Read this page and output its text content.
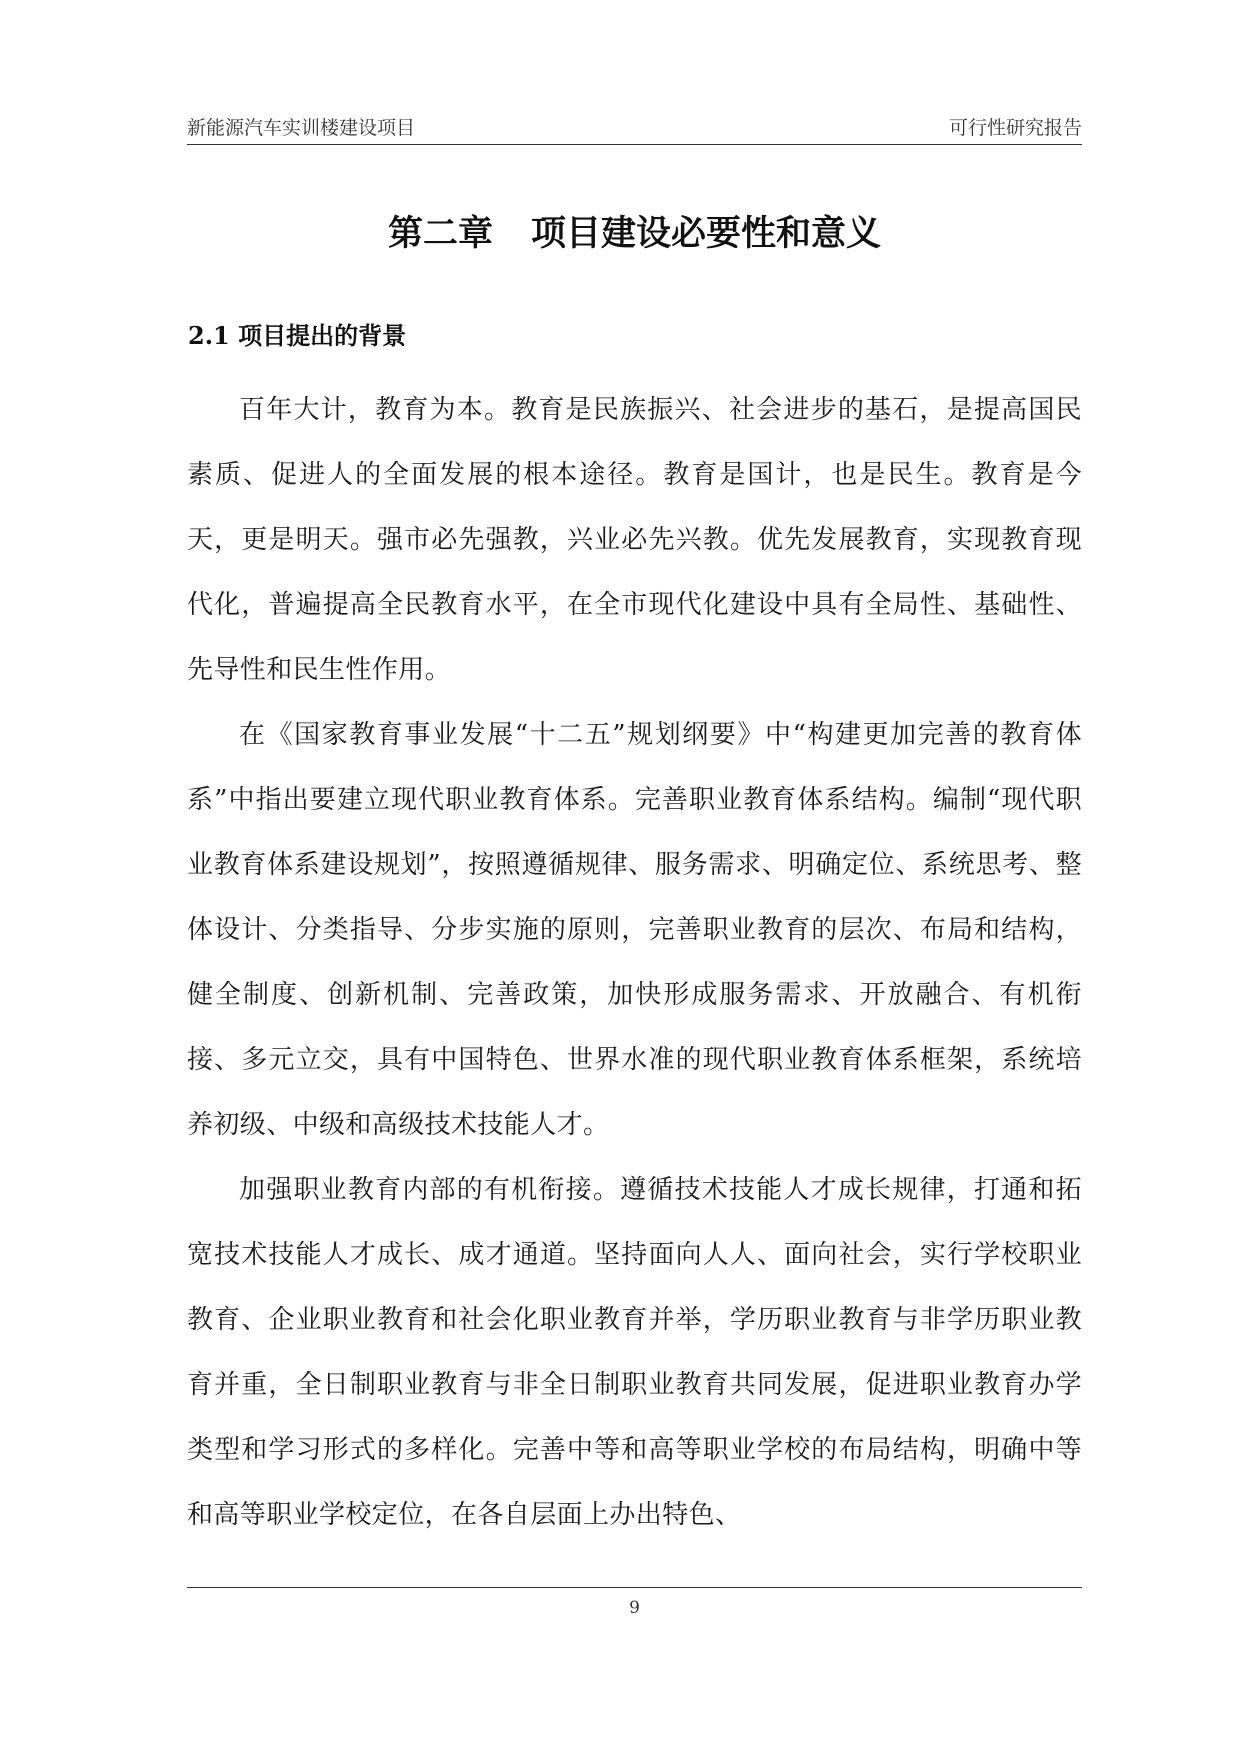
新能源汽车实训楼建设项目	可行性研究报告
第二章 项目建设必要性和意义
2.1 项目提出的背景

百年大计，教育为本。教育是民族振兴、社会进步的基石，是提高国民素质、促进人的全面发展的根本途径。教育是国计，也是民生。教育是今天，更是明天。强市必先强教，兴业必先兴教。优先发展教育，实现教育现代化，普遍提高全民教育水平，在全市现代化建设中具有全局性、基础性、先导性和民生性作用。

在《国家教育事业发展“十二五”规划纲要》中“构建更加完善的教育体系”中指出要建立现代职业教育体系。完善职业教育体系结构。编制“现代职业教育体系建设规划”，按照遵循规律、服务需求、明确定位、系统思考、整体设计、分类指导、分步实施的原则，完善职业教育的层次、布局和结构，健全制度、创新机制、完善政策，加快形成服务需求、开放融合、有机衔接、多元立交，具有中国特色、世界水准的现代职业教育体系框架，系统培养初级、中级和高级技术技能人才。

加强职业教育内部的有机衔接。遵循技术技能人才成长规律，打通和拓宽技术技能人才成长、成才通道。坚持面向人人、面向社会，实行学校职业教育、企业职业教育和社会化职业教育并举，学历职业教育与非学历职业教育并重，全日制职业教育与非全日制职业教育共同发展，促进职业教育办学类型和学习形式的多样化。完善中等和高等职业学校的布局结构，明确中等和高等职业学校定位，在各自层面上办出特色、

9
